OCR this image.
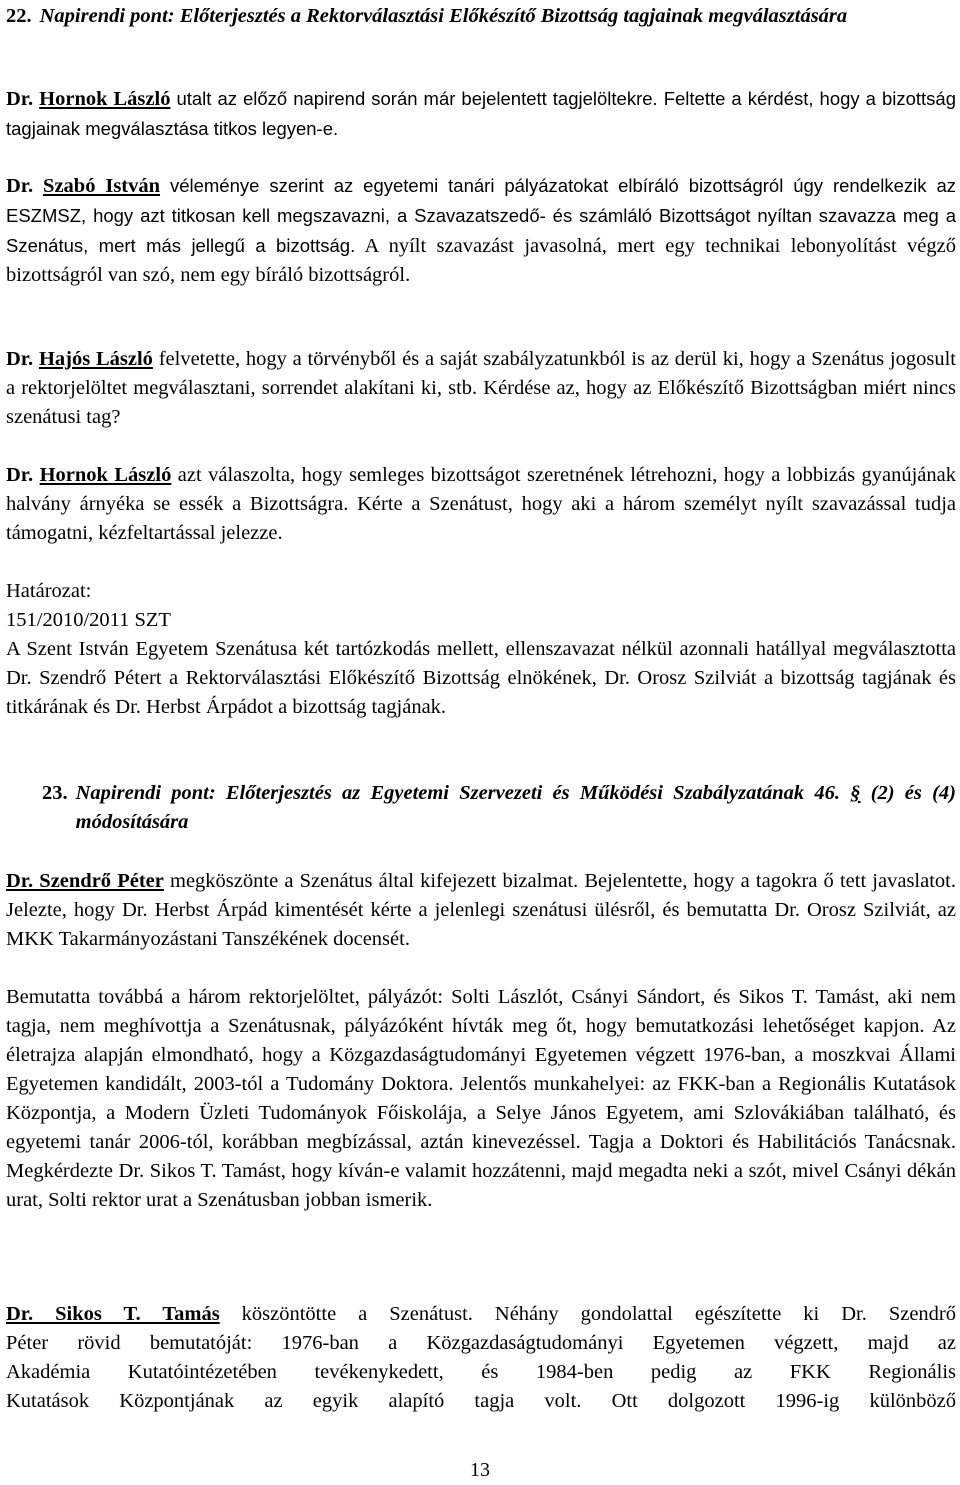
22. Napirendi pont: Előterjesztés a Rektorválasztási Előkészítő Bizottság tagjainak megválasztására

Dr. Hornok László utalt az előző napirend során már bejelentett tagjelöltekre. Feltette a kérdést, hogy a bizottság tagjainak megválasztása titkos legyen-e.

Dr. Szabó István véleménye szerint az egyetemi tanári pályázatokat elbíráló bizottságról úgy rendelkezik az ESZMSZ, hogy azt titkosan kell megszavazni, a Szavazatszedő- és számláló Bizottságot nyíltan szavazza meg a Szenátus, mert más jellegű a bizottság. A nyílt szavazást javasolná, mert egy technikai lebonyolítást végző bizottságról van szó, nem egy bíráló bizottságról.

Dr. Hajós László felvetette, hogy a törvényből és a saját szabályzatunkból is az derül ki, hogy a Szenátus jogosult a rektorjelöltet megválasztani, sorrendet alakítani ki, stb. Kérdése az, hogy az Előkészítő Bizottságban miért nincs szenátusi tag?

Dr. Hornok László azt válaszolta, hogy semleges bizottságot szeretnének létrehozni, hogy a lobbizás gyanújának halvány árnyéka se essék a Bizottságra. Kérte a Szenátust, hogy aki a három személyt nyílt szavazással tudja támogatni, kézfeltartással jelezze.

Határozat:
151/2010/2011 SZT

A Szent István Egyetem Szenátusa két tartózkodás mellett, ellenszavazat nélkül azonnali hatállyal megválasztotta Dr. Szendrő Pétert a Rektorválasztási Előkészítő Bizottság elnökének, Dr. Orosz Szilviát a bizottság tagjának és titkárának és Dr. Herbst Árpádot a bizottság tagjának.

23. Napirendi pont: Előterjesztés az Egyetemi Szervezeti és Működési Szabályzatának 46. § (2) és (4) módosítására

Dr. Szendrő Péter megköszönte a Szenátus által kifejezett bizalmat. Bejelentette, hogy a tagokra ő tett javaslatot. Jelezte, hogy Dr. Herbst Árpád kimentését kérte a jelenlegi szenátusi ülésről, és bemutatta Dr. Orosz Szilviát, az MKK Takarmányozástani Tanszékének docensét.

Bemutatta továbbá a három rektorjelöltet, pályázót: Solti Lászlót, Csányi Sándort, és Sikos T. Tamást, aki nem tagja, nem meghívottja a Szenátusnak, pályázóként hívták meg őt, hogy bemutatkozási lehetőséget kapjon. Az életrajza alapján elmondható, hogy a Közgazdaságtudományi Egyetemen végzett 1976-ban, a moszkvai Állami Egyetemen kandidált, 2003-tól a Tudomány Doktora. Jelentős munkahelyei: az FKK-ban a Regionális Kutatások Központja, a Modern Üzleti Tudományok Főiskolája, a Selye János Egyetem, ami Szlovákiában található, és egyetemi tanár 2006-tól, korábban megbízással, aztán kinevezéssel. Tagja a Doktori és Habilitációs Tanácsnak. Megkérdezte Dr. Sikos T. Tamást, hogy kíván-e valamit hozzátenni, majd megadta neki a szót, mivel Csányi dékán urat, Solti rektor urat a Szenátusban jobban ismerik.

Dr. Sikos T. Tamás köszöntötte a Szenátust. Néhány gondolattal egészítette ki Dr. Szendrő
Péter rövid bemutatóját: 1976-ban a Közgazdaságtudományi Egyetemen végzett, majd az
Akadémia Kutatóintézetében tevékenykedett, és 1984-ben pedig az FKK Regionális
Kutatások Központjának az egyik alapító tagja volt. Ott dolgozott 1996-ig különböző
13
